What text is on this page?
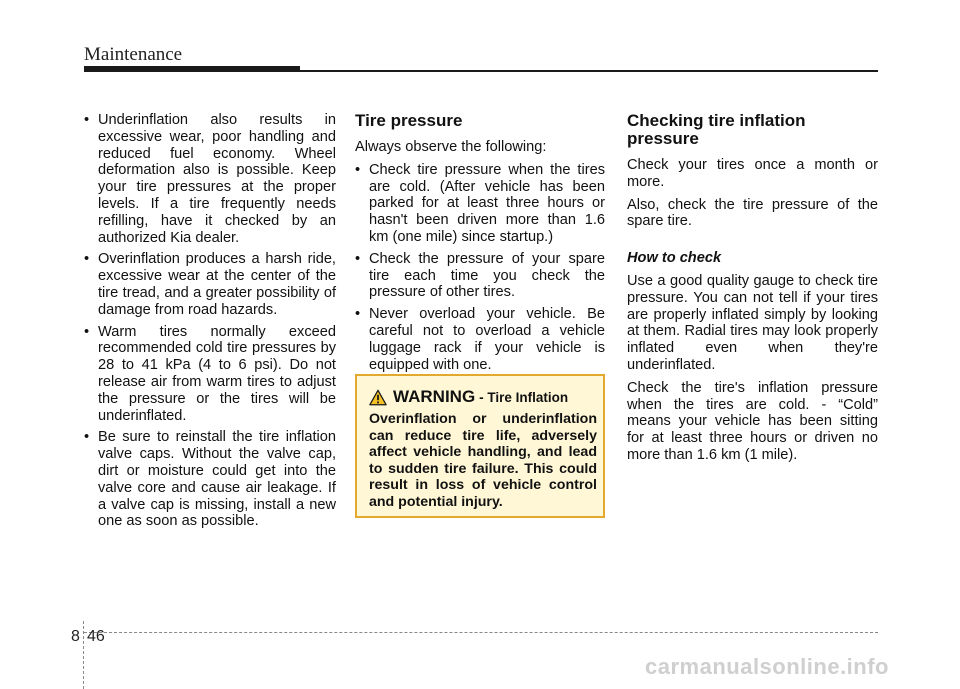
Maintenance
• Underinflation also results in excessive wear, poor handling and reduced fuel economy. Wheel deformation also is possible. Keep your tire pressures at the proper levels. If a tire frequently needs refilling, have it checked by an authorized Kia dealer.
• Overinflation produces a harsh ride, excessive wear at the center of the tire tread, and a greater possibility of damage from road hazards.
• Warm tires normally exceed recommended cold tire pressures by 28 to 41 kPa (4 to 6 psi). Do not release air from warm tires to adjust the pressure or the tires will be underinflated.
• Be sure to reinstall the tire inflation valve caps. Without the valve cap, dirt or moisture could get into the valve core and cause air leakage. If a valve cap is missing, install a new one as soon as possible.
Tire pressure

Always observe the following:

• Check tire pressure when the tires are cold. (After vehicle has been parked for at least three hours or hasn't been driven more than 1.6 km (one mile) since startup.)
• Check the pressure of your spare tire each time you check the pressure of other tires.
• Never overload your vehicle. Be careful not to overload a vehicle luggage rack if your vehicle is equipped with one.
WARNING - Tire Inflation
Overinflation or underinflation can reduce tire life, adversely affect vehicle handling, and lead to sudden tire failure. This could result in loss of vehicle control and potential injury.
Checking tire inflation pressure

Check your tires once a month or more.

Also, check the tire pressure of the spare tire.

How to check

Use a good quality gauge to check tire pressure. You can not tell if your tires are properly inflated simply by looking at them. Radial tires may look properly inflated even when they're underinflated.

Check the tire's inflation pressure when the tires are cold. - “Cold” means your vehicle has been sitting for at least three hours or driven no more than 1.6 km (1 mile).

8 46
carmanualsonline.info
